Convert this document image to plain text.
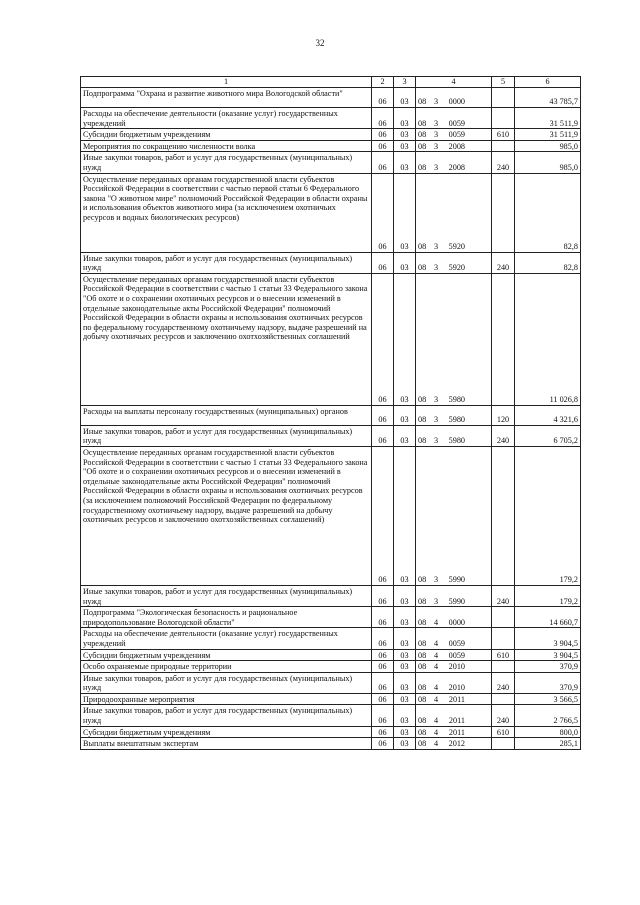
32
1	2	3	4	5	6
Подпрограмма "Охрана и развитие животного мира Вологодской области"	06	03	08 3 0000		43 785,7
Расходы на обеспечение деятельности (оказание услуг) государственных учреждений	06	03	08 3 0059		31 511,9
Субсидии бюджетным учреждениям	06	03	08 3 0059	610	31 511,9
Мероприятия по сокращению численности волка	06	03	08 3 2008		985,0
Иные закупки товаров, работ и услуг для государственных (муниципальных) нужд	06	03	08 3 2008	240	985,0
Осуществление переданных органам государственной власти субъектов Российской Федерации в соответствии с частью первой статьи 6 Федерального закона "О животном мире" полномочий Российской Федерации в области охраны и использования объектов животного мира (за исключением охотничьих ресурсов и водных биологических ресурсов)	06	03	08 3 5920		82,8
Иные закупки товаров, работ и услуг для государственных (муниципальных) нужд	06	03	08 3 5920	240	82,8
Осуществление переданных органам государственной власти субъектов Российской Федерации в соответствии с частью 1 статьи 33 Федерального закона "Об охоте и о сохранении охотничьих ресурсов и о внесении изменений в отдельные законодательные акты Российской Федерации" полномочий Российской Федерации в области охраны и использования охотничьих ресурсов по федеральному государственному охотничьему надзору, выдаче разрешений на добычу охотничьих ресурсов и заключению охотхозяйственных соглашений	06	03	08 3 5980		11 026,8
Расходы на выплаты персоналу государственных (муниципальных) органов	06	03	08 3 5980	120	4 321,6
Иные закупки товаров, работ и услуг для государственных (муниципальных) нужд	06	03	08 3 5980	240	6 705,2
Осуществление переданных органам государственной власти субъектов Российской Федерации в соответствии с частью 1 статьи 33 Федерального закона "Об охоте и о сохранении охотничьих ресурсов и о внесении изменений в отдельные законодательные акты Российской Федерации" полномочий Российской Федерации в области охраны и использования охотничьих ресурсов (за исключением полномочий Российской Федерации по федеральному государственному охотничьему надзору, выдаче разрешений на добычу охотничьих ресурсов и заключению охотхозяйственных соглашений)	06	03	08 3 5990		179,2
Иные закупки товаров, работ и услуг для государственных (муниципальных) нужд	06	03	08 3 5990	240	179,2
Подпрограмма "Экологическая безопасность и рациональное природопользование Вологодской области"	06	03	08 4 0000		14 660,7
Расходы на обеспечение деятельности (оказание услуг) государственных учреждений	06	03	08 4 0059		3 904,5
Субсидии бюджетным учреждениям	06	03	08 4 0059	610	3 904,5
Особо охраняемые природные территории	06	03	08 4 2010		370,9
Иные закупки товаров, работ и услуг для государственных (муниципальных) нужд	06	03	08 4 2010	240	370,9
Природоохранные мероприятия	06	03	08 4 2011		3 566,5
Иные закупки товаров, работ и услуг для государственных (муниципальных) нужд	06	03	08 4 2011	240	2 766,5
Субсидии бюджетным учреждениям	06	03	08 4 2011	610	800,0
Выплаты внештатным экспертам	06	03	08 4 2012		285,1
